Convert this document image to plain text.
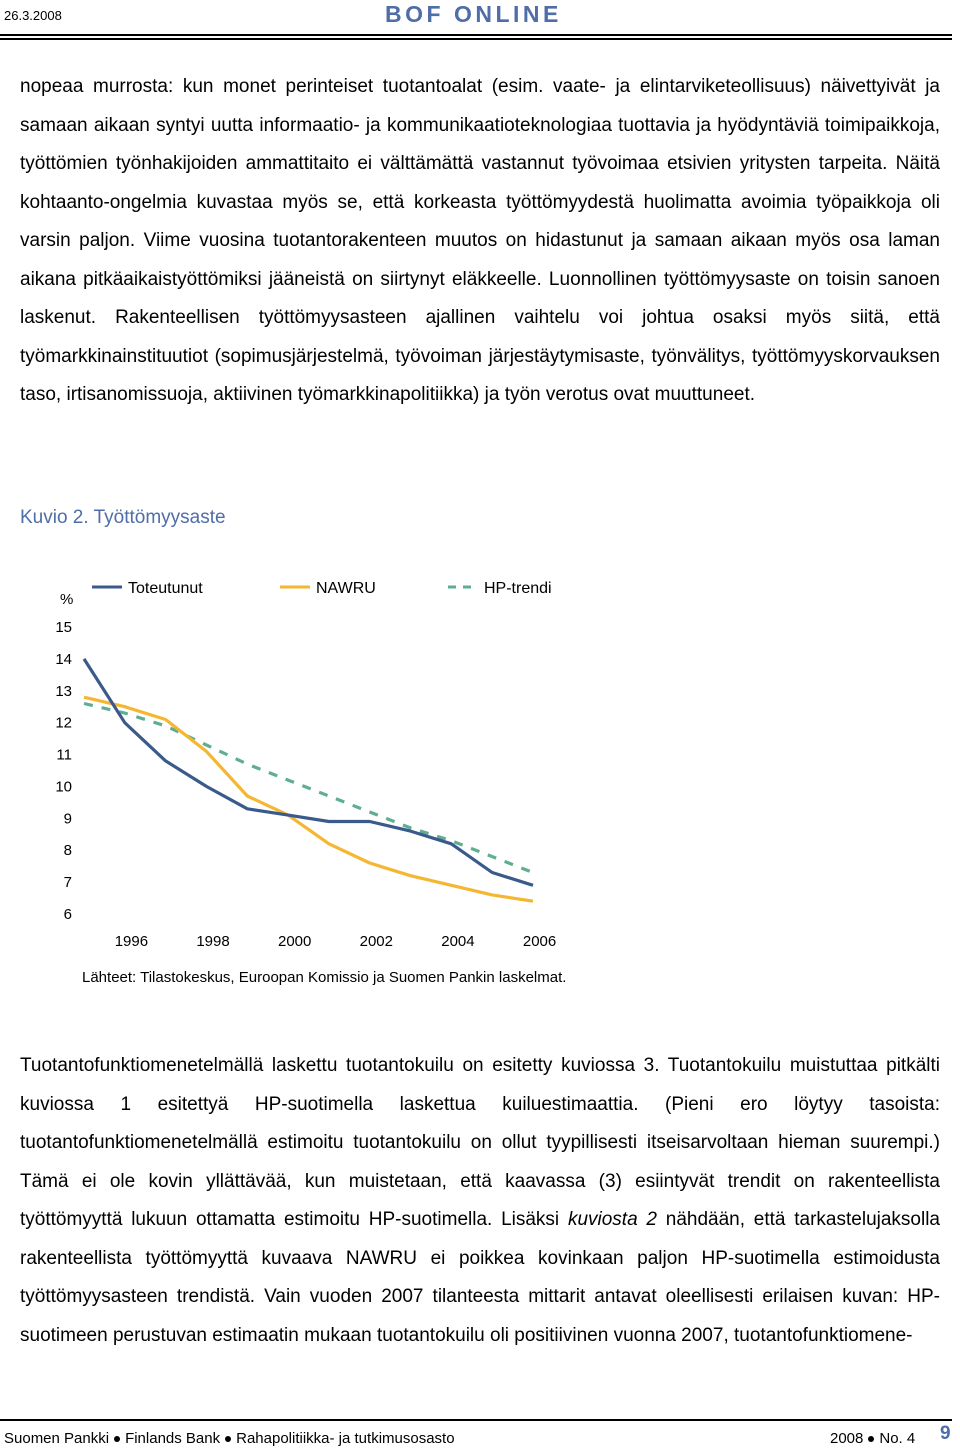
26.3.2008	BOF ONLINE
nopeaa murrosta: kun monet perinteiset tuotantoalat (esim. vaate- ja elintarviketeollisuus) näivettyivät ja samaan aikaan syntyi uutta informaatio- ja kommunikaatioteknologiaa tuottavia ja hyödyntäviä toimipaikkoja, työttömien työnhakijoiden ammattitaito ei välttämättä vastannut työvoimaa etsivien yritysten tarpeita. Näitä kohtaanto-ongelmia kuvastaa myös se, että korkeasta työttömyydestä huolimatta avoimia työpaikkoja oli varsin paljon. Viime vuosina tuotantorakenteen muutos on hidastunut ja samaan aikaan myös osa laman aikana pitkäaikaistyöttömiksi jääneistä on siirtynyt eläkkeelle. Luonnollinen työttömyysaste on toisin sanoen laskenut. Rakenteellisen työttömyysasteen ajallinen vaihtelu voi johtua osaksi myös siitä, että työmarkkinainstituutiot (sopimusjärjestelmä, työvoiman järjestäytymisaste, työnvälitys, työttömyyskorvauksen taso, irtisanomissuoja, aktiivinen työmarkkinapolitiikka) ja työn verotus ovat muuttuneet.
Kuvio 2. Työttömyysaste
Toteutunut	NAWRU	HP-trendi
%
15
14
13
12
11
10
9
8
7
6
1996	1998	2000	2002	2004	2006
Lähteet: Tilastokeskus, Euroopan Komissio ja Suomen Pankin laskelmat.
Tuotantofunktiomenetelmällä laskettu tuotantokuilu on esitetty kuviossa 3. Tuotantokuilu muistuttaa pitkälti kuviossa 1 esitettyä HP-suotimella laskettua kuiluestimaattia. (Pieni ero löytyy tasoista: tuotantofunktiomenetelmällä estimoitu tuotantokuilu on ollut tyypillisesti itseisarvoltaan hieman suurempi.) Tämä ei ole kovin yllättävää, kun muistetaan, että kaavassa (3) esiintyvät trendit on rakenteellista työttömyyttä lukuun ottamatta estimoitu HP-suotimella. Lisäksi kuviosta 2 nähdään, että tarkastelujaksolla rakenteellista työttömyyttä kuvaava NAWRU ei poikkea kovinkaan paljon HP-suotimella estimoidusta työttömyysasteen trendistä. Vain vuoden 2007 tilanteesta mittarit antavat oleellisesti erilaisen kuvan: HP-suotimeen perustuvan estimaatin mukaan tuotantokuilu oli positiivinen vuonna 2007, tuotantofunktiomene-
Suomen Pankki Finlands Bank Rahapolitiikka- ja tutkimusosasto	2008 No. 4 9
